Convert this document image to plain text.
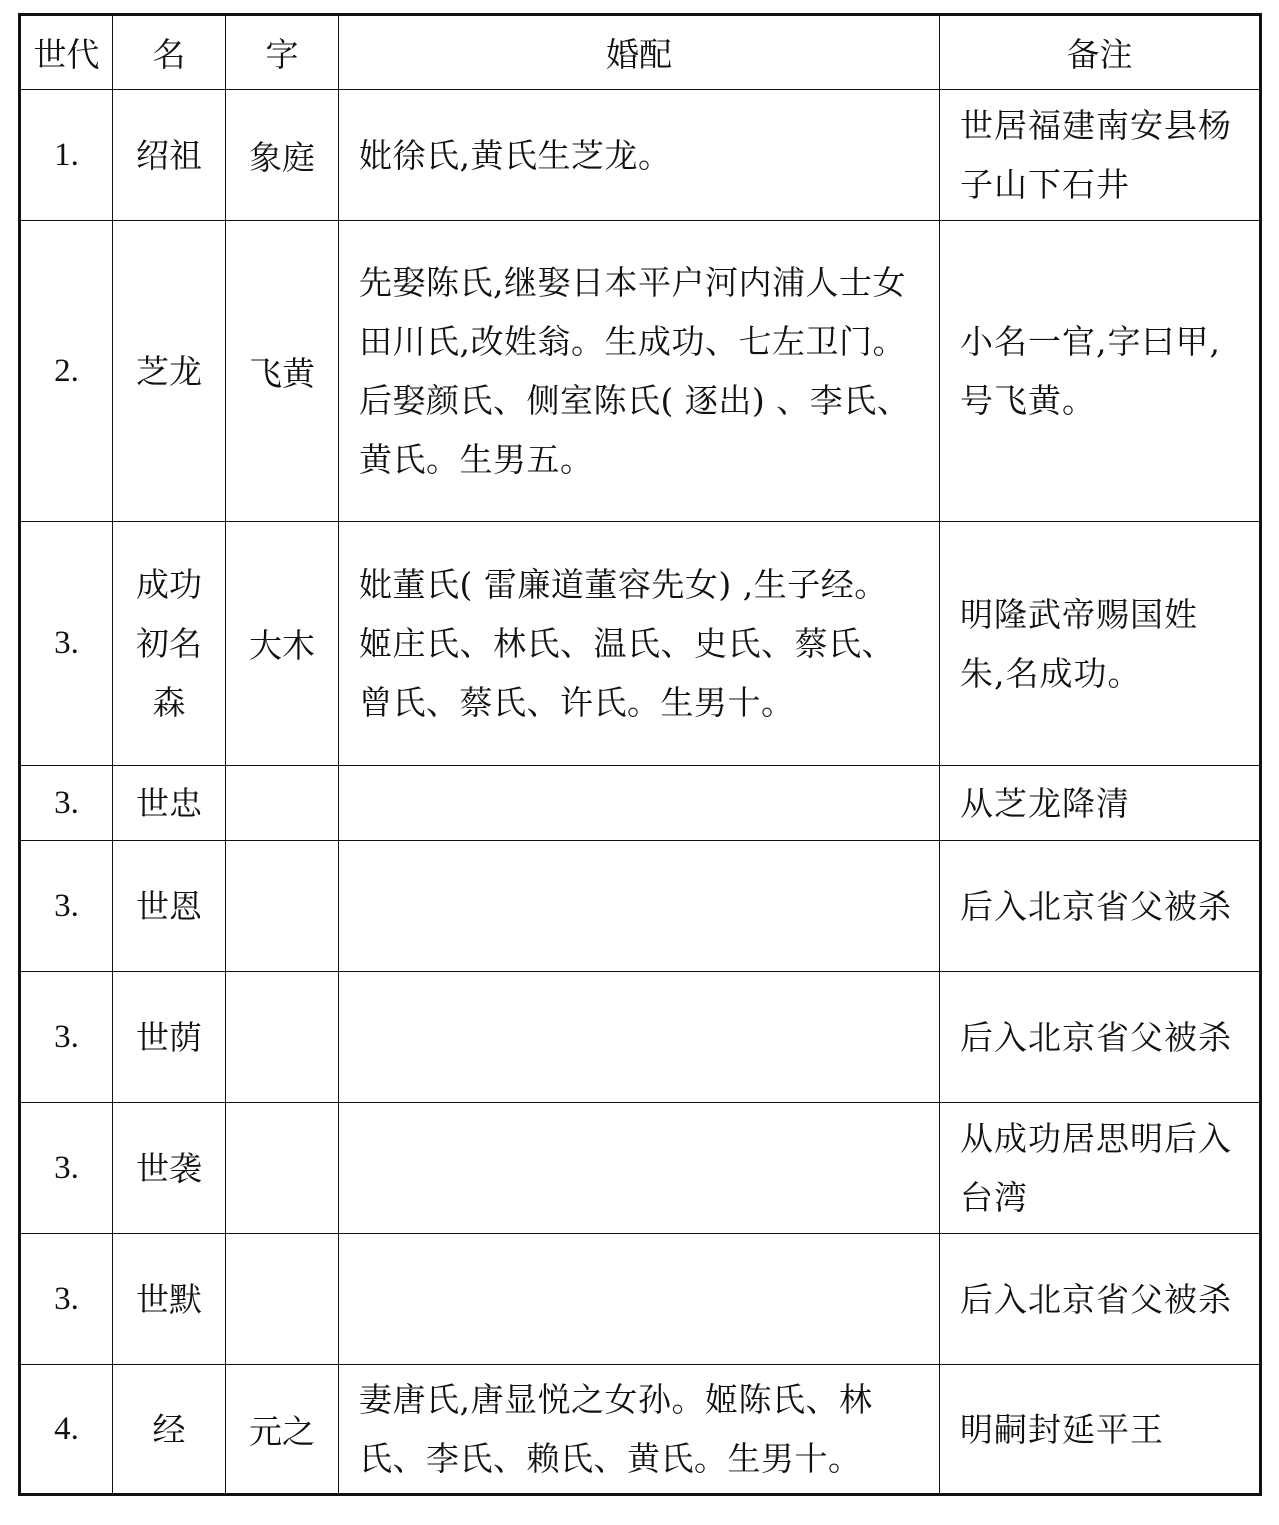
世代	名	字	婚配	备注
1.	绍祖	象庭	妣徐氏,黄氏生芝龙。	世居福建南安县杨子山下石井
2.	芝龙	飞黄	先娶陈氏,继娶日本平户河内浦人士女田川氏,改姓翁。生成功、七左卫门。
后娶颜氏、侧室陈氏( 逐出) 、李氏、黄氏。生男五。	小名一官,字曰甲,号飞黄。
3.	成功
初名
森	大木	妣董氏( 雷廉道董容先女) ,生子经。姬庄氏、林氏、温氏、史氏、蔡氏、曾氏、蔡氏、许氏。生男十。	明隆武帝赐国姓朱,名成功。
3.	世忠			从芝龙降清
3.	世恩			后入北京省父被杀
3.	世荫			后入北京省父被杀
3.	世袭			从成功居思明后入台湾
3.	世默			后入北京省父被杀
4.	经	元之	妻唐氏,唐显悦之女孙。姬陈氏、林氏、李氏、赖氏、黄氏。生男十。	明嗣封延平王
